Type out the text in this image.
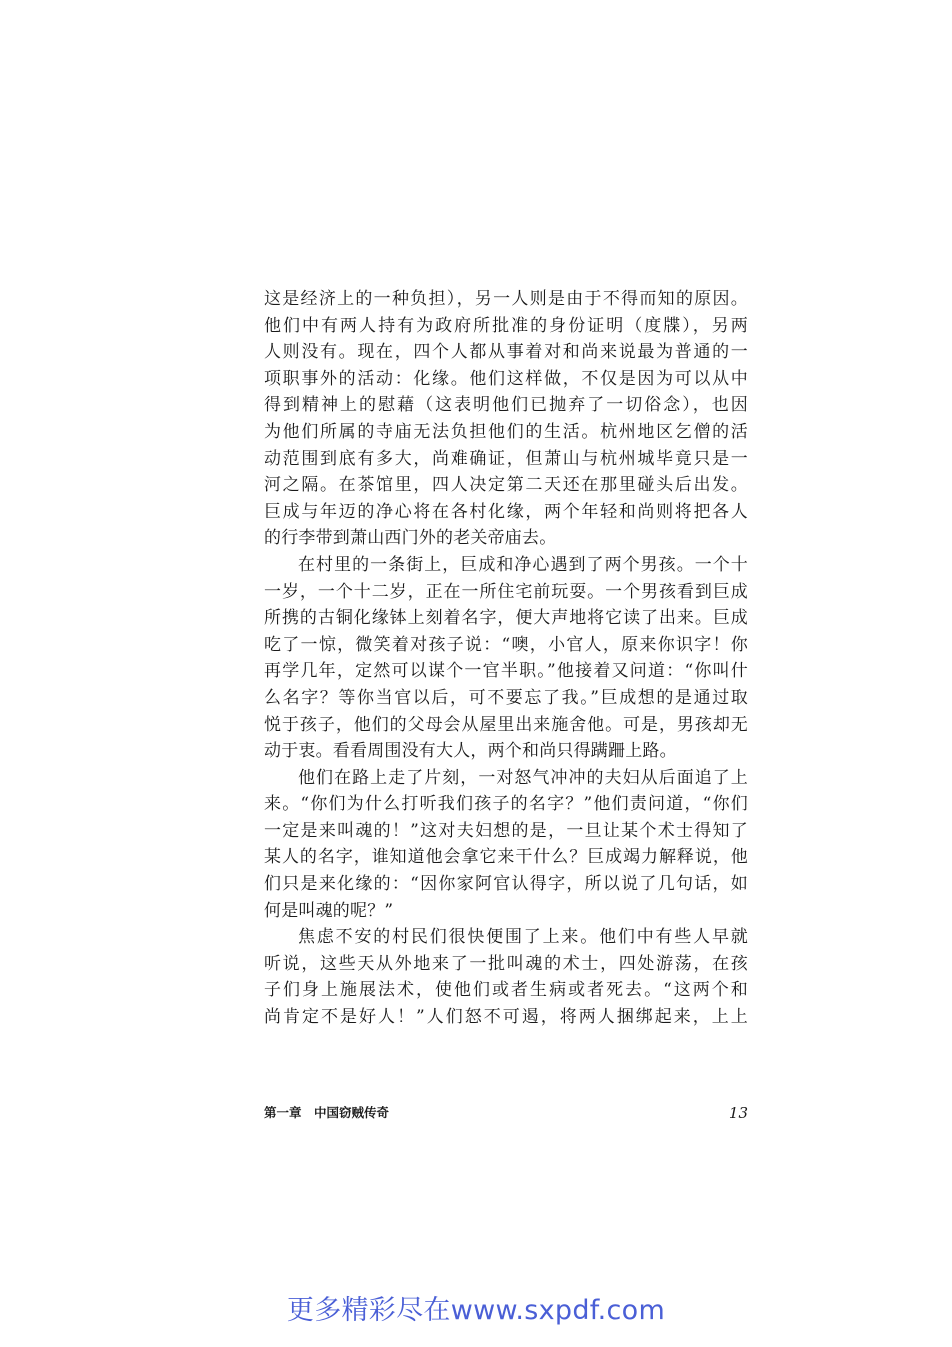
这是经济上的一种负担），另一人则是由于不得而知的原因。
他们中有两人持有为政府所批准的身份证明（度牒），另两
人则没有。现在，四个人都从事着对和尚来说最为普通的一
项职事外的活动：化缘。他们这样做，不仅是因为可以从中
得到精神上的慰藉（这表明他们已抛弃了一切俗念），也因
为他们所属的寺庙无法负担他们的生活。杭州地区乞僧的活
动范围到底有多大，尚难确证，但萧山与杭州城毕竟只是一
河之隔。在茶馆里，四人决定第二天还在那里碰头后出发。
巨成与年迈的净心将在各村化缘，两个年轻和尚则将把各人
的行李带到萧山西门外的老关帝庙去。
在村里的一条街上，巨成和净心遇到了两个男孩。一个十
一岁，一个十二岁，正在一所住宅前玩耍。一个男孩看到巨成
所携的古铜化缘钵上刻着名字，便大声地将它读了出来。巨成
吃了一惊，微笑着对孩子说：“噢，小官人，原来你识字！你
再学几年，定然可以谋个一官半职。”他接着又问道：“你叫什
么名字？等你当官以后，可不要忘了我。”巨成想的是通过取
悦于孩子，他们的父母会从屋里出来施舍他。可是，男孩却无
动于衷。看看周围没有大人，两个和尚只得蹒跚上路。
他们在路上走了片刻，一对怒气冲冲的夫妇从后面追了上
来。“你们为什么打听我们孩子的名字？”他们责问道，“你们
一定是来叫魂的！”这对夫妇想的是，一旦让某个术士得知了
某人的名字，谁知道他会拿它来干什么？巨成竭力解释说，他
们只是来化缘的：“因你家阿官认得字，所以说了几句话，如
何是叫魂的呢？”
焦虑不安的村民们很快便围了上来。他们中有些人早就
听说，这些天从外地来了一批叫魂的术士，四处游荡，在孩
子们身上施展法术，使他们或者生病或者死去。“这两个和
尚肯定不是好人！”人们怒不可遏，将两人捆绑起来，上上
第一章　中国窃贼传奇	13
更多精彩尽在www.sxpdf.com
